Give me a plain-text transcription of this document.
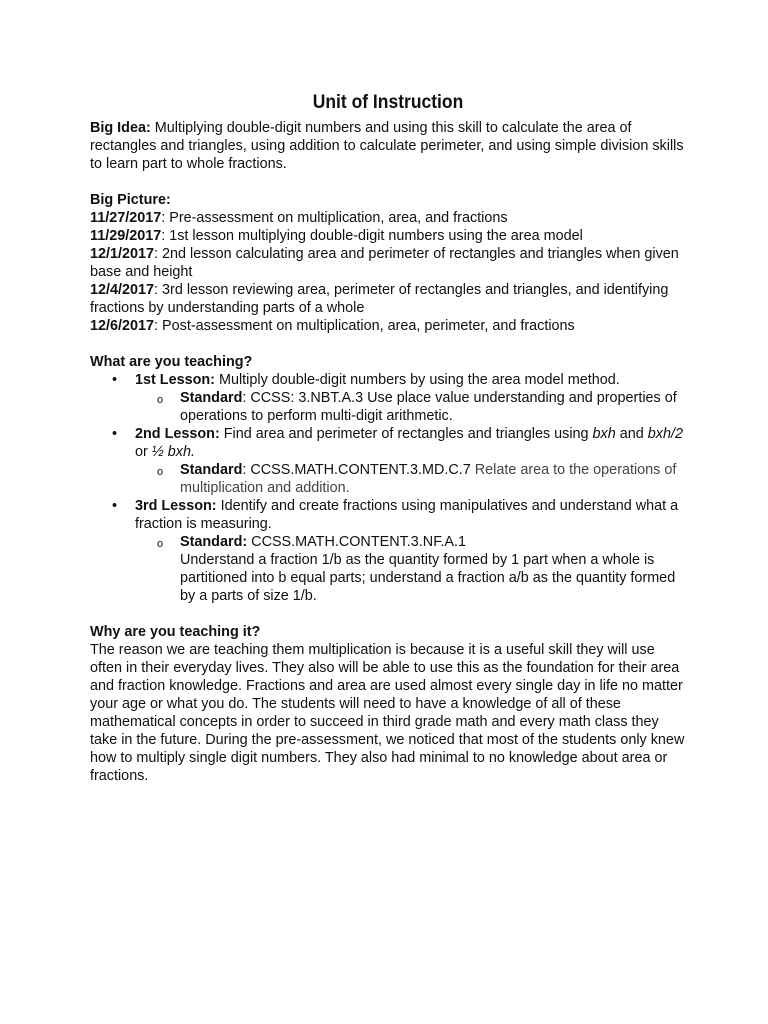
Unit of Instruction

Big Idea: Multiplying double-digit numbers and using this skill to calculate the area of rectangles and triangles, using addition to calculate perimeter, and using simple division skills to learn part to whole fractions.

Big Picture:

11/27/2017: Pre-assessment on multiplication, area, and fractions

11/29/2017: 1st lesson multiplying double-digit numbers using the area model

12/1/2017: 2nd lesson calculating area and perimeter of rectangles and triangles when given base and height

12/4/2017: 3rd lesson reviewing area, perimeter of rectangles and triangles, and identifying fractions by understanding parts of a whole

12/6/2017: Post-assessment on multiplication, area, perimeter, and fractions

What are you teaching?

• 1st Lesson: Multiply double-digit numbers by using the area model method.
o Standard: CCSS: 3.NBT.A.3 Use place value understanding and properties of operations to perform multi-digit arithmetic.
• 2nd Lesson: Find area and perimeter of rectangles and triangles using bxh and bxh/2 or ½ bxh.
o Standard: CCSS.MATH.CONTENT.3.MD.C.7 Relate area to the operations of multiplication and addition.
• 3rd Lesson: Identify and create fractions using manipulatives and understand what a fraction is measuring.
o Standard: CCSS.MATH.CONTENT.3.NF.A.1
Understand a fraction 1/b as the quantity formed by 1 part when a whole is partitioned into b equal parts; understand a fraction a/b as the quantity formed by a parts of size 1/b.

Why are you teaching it?

The reason we are teaching them multiplication is because it is a useful skill they will use often in their everyday lives. They also will be able to use this as the foundation for their area and fraction knowledge. Fractions and area are used almost every single day in life no matter your age or what you do. The students will need to have a knowledge of all of these mathematical concepts in order to succeed in third grade math and every math class they take in the future. During the pre-assessment, we noticed that most of the students only knew how to multiply single digit numbers. They also had minimal to no knowledge about area or fractions.
